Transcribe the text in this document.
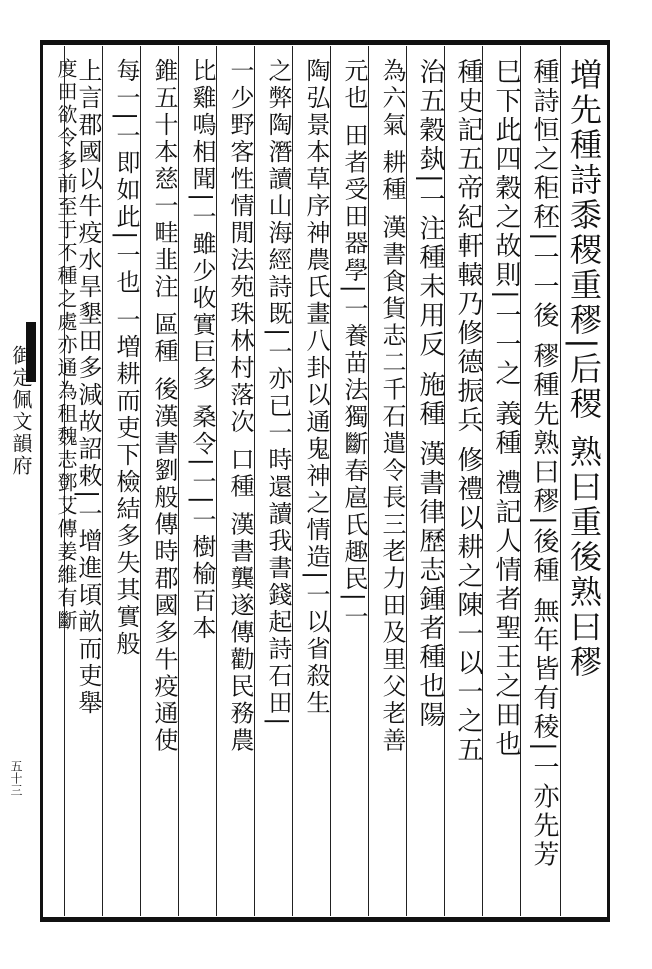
御定佩文韻府
五十三
増先種詩黍稷重穋|后稷 熟曰重後熟曰穋
種詩恒之秬秠|一一後 穋種先熟曰穋|後種 無年皆有稜|一亦先芳
巳下此四穀之故則|一一之 義種 禮記人情者聖王之田也
種史記五帝紀軒轅乃修德振兵 修禮以耕之陳一以一之五
治五穀埶|一注種未用反 施種 漢書律歷志鍾者種也陽
為六氣 耕種 漢書食貨志二千石遣令長三老力田及里父老善
元也 田者受田器學|一養苗法獨斷春扈氏趣民|一
陶弘景本草序神農氏畫八卦以通鬼神之情造|一以省殺生
之弊陶潛讀山海經詩既|一亦已一時還讀我書錢起詩石田|
一少野客性情閒法苑珠林村落次 口種 漢書龔遂傳勸民務農
比雞鳴相聞|一雖少收實巨多 桑令|一|一樹榆百本
錐五十本慈一畦韭注 區種 後漢書劉般傳時郡國多牛疫通使
每一|一即如此|一也 一増耕而吏下檢結多失其實般
上言郡國以牛疫水旱墾田多減故詔敕|一增進頃畝而吏舉
度田欲令多前至于不種之處亦通為租魏志鄧艾傳姜維有斷
